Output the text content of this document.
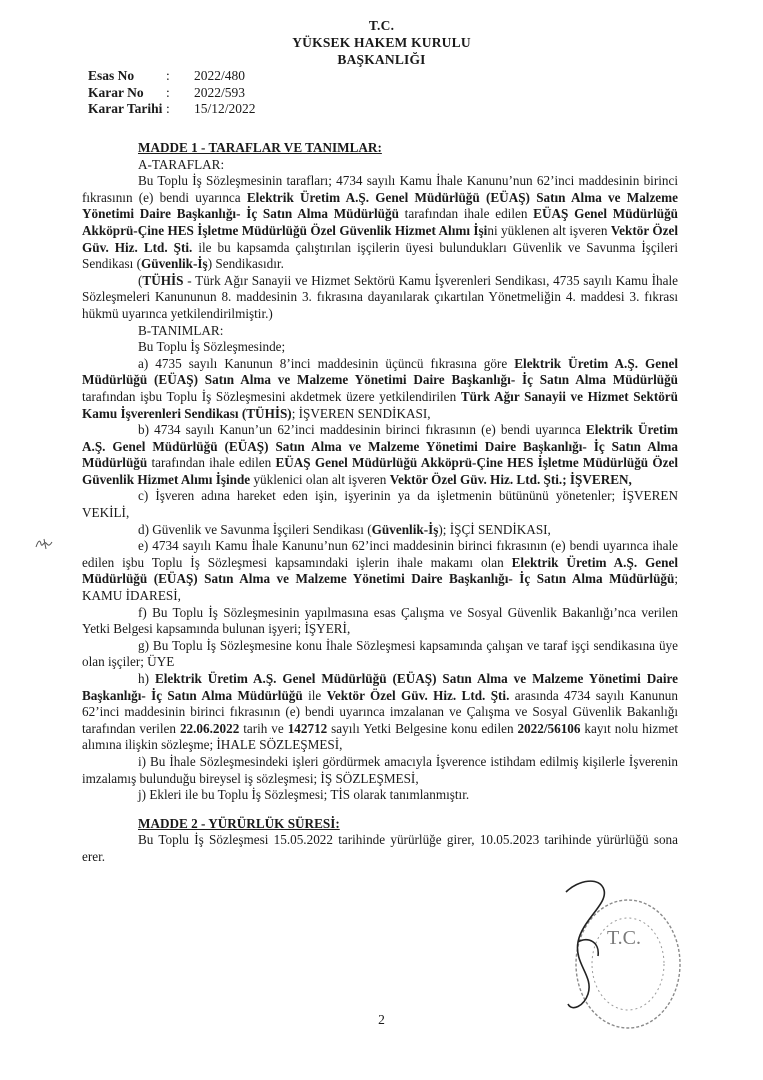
T.C.
YÜKSEK HAKEM KURULU
BAŞKANLIĞI
Esas No	:	2022/480
Karar No	:	2022/593
Karar Tarihi :	15/12/2022
MADDE 1 - TARAFLAR VE TANIMLAR:
A-TARAFLAR:

Bu Toplu İş Sözleşmesinin tarafları; 4734 sayılı Kamu İhale Kanunu’nun 62’inci maddesinin birinci fıkrasının (e) bendi uyarınca Elektrik Üretim A.Ş. Genel Müdürlüğü (EÜAŞ) Satın Alma ve Malzeme Yönetimi Daire Başkanlığı- İç Satın Alma Müdürlüğü tarafından ihale edilen EÜAŞ Genel Müdürlüğü Akköprü-Çine HES İşletme Müdürlüğü Özel Güvenlik Hizmet Alımı İşini yüklenen alt işveren Vektör Özel Güv. Hiz. Ltd. Şti. ile bu kapsamda çalıştırılan işçilerin üyesi bulundukları Güvenlik ve Savunma İşçileri Sendikası (Güvenlik-İş) Sendikasıdır.

(TÜHİS - Türk Ağır Sanayii ve Hizmet Sektörü Kamu İşverenleri Sendikası, 4735 sayılı Kamu İhale Sözleşmeleri Kanununun 8. maddesinin 3. fıkrasına dayanılarak çıkartılan Yönetmeliğin 4. maddesi 3. fıkrası hükmü uyarınca yetkilendirilmiştir.)

B-TANIMLAR:
Bu Toplu İş Sözleşmesinde;

a) 4735 sayılı Kanunun 8’inci maddesinin üçüncü fıkrasına göre Elektrik Üretim A.Ş. Genel Müdürlüğü (EÜAŞ) Satın Alma ve Malzeme Yönetimi Daire Başkanlığı- İç Satın Alma Müdürlüğü tarafından işbu Toplu İş Sözleşmesini akdetmek üzere yetkilendirilen Türk Ağır Sanayii ve Hizmet Sektörü Kamu İşverenleri Sendikası (TÜHİS); İŞVEREN SENDİKASI,

b) 4734 sayılı Kanun’un 62’inci maddesinin birinci fıkrasının (e) bendi uyarınca Elektrik Üretim A.Ş. Genel Müdürlüğü (EÜAŞ) Satın Alma ve Malzeme Yönetimi Daire Başkanlığı- İç Satın Alma Müdürlüğü tarafından ihale edilen EÜAŞ Genel Müdürlüğü Akköprü-Çine HES İşletme Müdürlüğü Özel Güvenlik Hizmet Alımı İşinde yüklenici olan alt işveren Vektör Özel Güv. Hiz. Ltd. Şti.; İŞVEREN,

c) İşveren adına hareket eden işin, işyerinin ya da işletmenin bütününü yönetenler; İŞVEREN VEKİLİ,

d) Güvenlik ve Savunma İşçileri Sendikası (Güvenlik-İş); İŞÇİ SENDİKASI,

e) 4734 sayılı Kamu İhale Kanunu’nun 62’inci maddesinin birinci fıkrasının (e) bendi uyarınca ihale edilen işbu Toplu İş Sözleşmesi kapsamındaki işlerin ihale makamı olan Elektrik Üretim A.Ş. Genel Müdürlüğü (EÜAŞ) Satın Alma ve Malzeme Yönetimi Daire Başkanlığı- İç Satın Alma Müdürlüğü; KAMU İDARESİ,

f) Bu Toplu İş Sözleşmesinin yapılmasına esas Çalışma ve Sosyal Güvenlik Bakanlığı’nca verilen Yetki Belgesi kapsamında bulunan işyeri; İŞYERİ,

g) Bu Toplu İş Sözleşmesine konu İhale Sözleşmesi kapsamında çalışan ve taraf işçi sendikasına üye olan işçiler; ÜYE

h) Elektrik Üretim A.Ş. Genel Müdürlüğü (EÜAŞ) Satın Alma ve Malzeme Yönetimi Daire Başkanlığı- İç Satın Alma Müdürlüğü ile Vektör Özel Güv. Hiz. Ltd. Şti. arasında 4734 sayılı Kanunun 62’inci maddesinin birinci fıkrasının (e) bendi uyarınca imzalanan ve Çalışma ve Sosyal Güvenlik Bakanlığı tarafından verilen 22.06.2022 tarih ve 142712 sayılı Yetki Belgesine konu edilen 2022/56106 kayıt nolu hizmet alımına ilişkin sözleşme; İHALE SÖZLEŞMESİ,

i) Bu İhale Sözleşmesindeki işleri gördürmek amacıyla İşverence istihdam edilmiş kişilerle İşverenin imzalamış bulunduğu bireysel iş sözleşmesi; İŞ SÖZLEŞMESİ,

j) Ekleri ile bu Toplu İş Sözleşmesi; TİS olarak tanımlanmıştır.

MADDE 2 - YÜRÜRLÜK SÜRESİ:

Bu Toplu İş Sözleşmesi 15.05.2022 tarihinde yürürlüğe girer, 10.05.2023 tarihinde yürürlüğü sona erer.

T.C.
2
